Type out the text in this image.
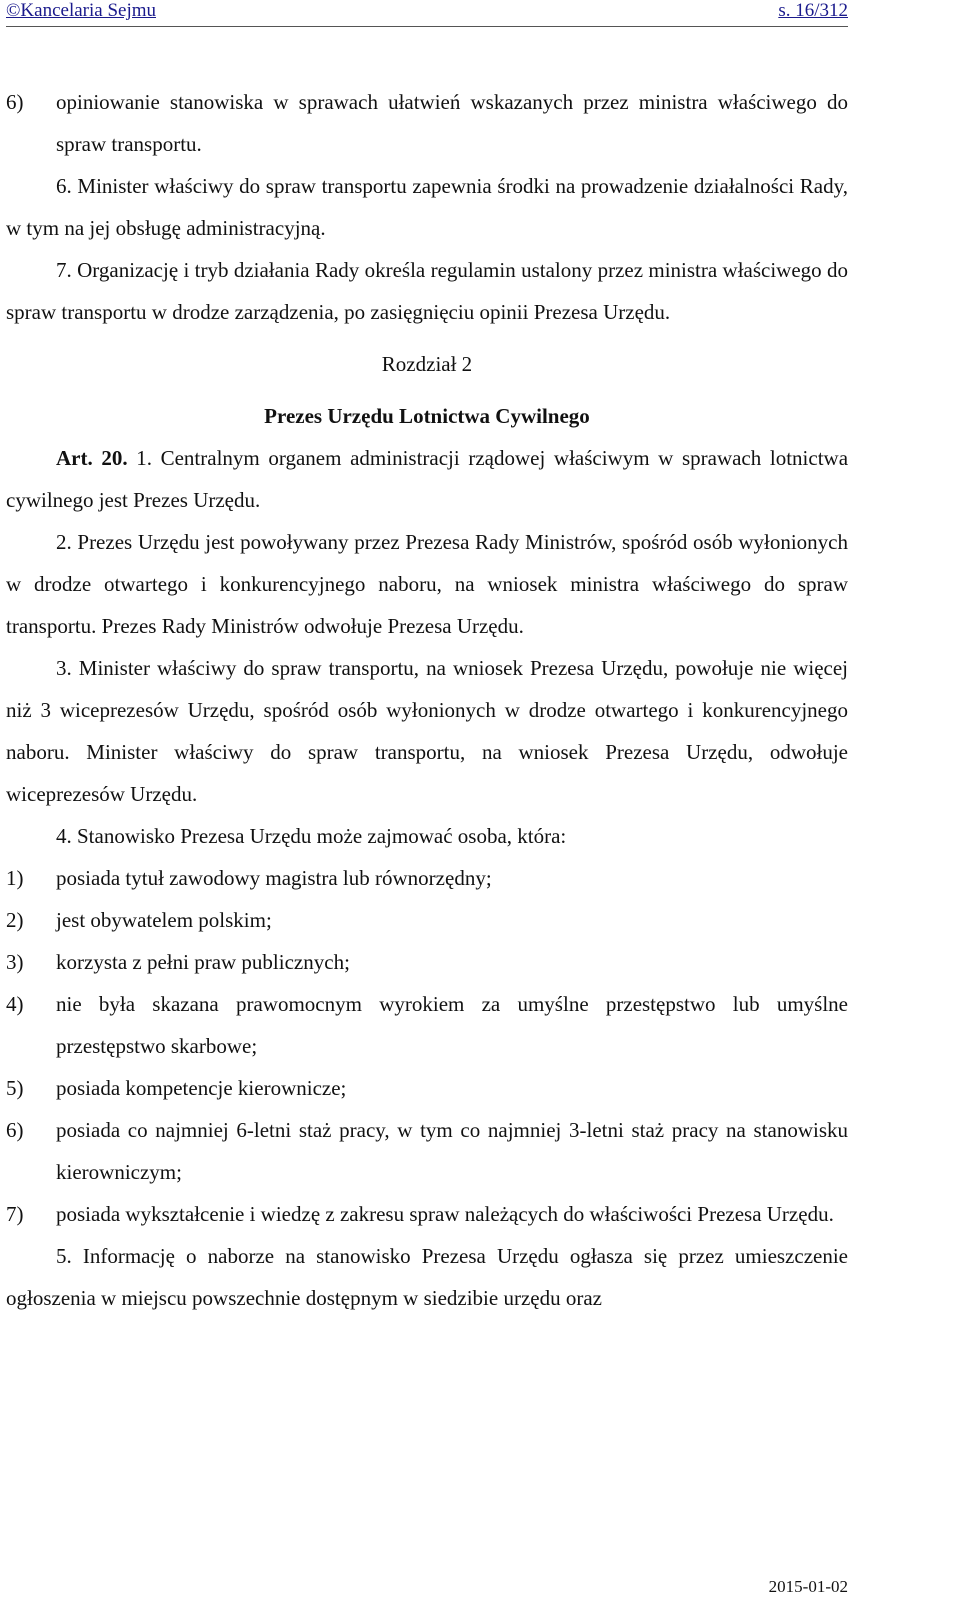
©Kancelaria Sejmu	s. 16/312

6) opiniowanie stanowiska w sprawach ułatwień wskazanych przez ministra właściwego do spraw transportu.

6. Minister właściwy do spraw transportu zapewnia środki na prowadzenie działalności Rady, w tym na jej obsługę administracyjną.

7. Organizację i tryb działania Rady określa regulamin ustalony przez ministra właściwego do spraw transportu w drodze zarządzenia, po zasięgnięciu opinii Prezesa Urzędu.

Rozdział 2

Prezes Urzędu Lotnictwa Cywilnego

Art. 20. 1. Centralnym organem administracji rządowej właściwym w sprawach lotnictwa cywilnego jest Prezes Urzędu.

2. Prezes Urzędu jest powoływany przez Prezesa Rady Ministrów, spośród osób wyłonionych w drodze otwartego i konkurencyjnego naboru, na wniosek ministra właściwego do spraw transportu. Prezes Rady Ministrów odwołuje Prezesa Urzędu.

3. Minister właściwy do spraw transportu, na wniosek Prezesa Urzędu, powołuje nie więcej niż 3 wiceprezesów Urzędu, spośród osób wyłonionych w drodze otwartego i konkurencyjnego naboru. Minister właściwy do spraw transportu, na wniosek Prezesa Urzędu, odwołuje wiceprezesów Urzędu.

4. Stanowisko Prezesa Urzędu może zajmować osoba, która:

1) posiada tytuł zawodowy magistra lub równorzędny;

2) jest obywatelem polskim;

3) korzysta z pełni praw publicznych;

4) nie była skazana prawomocnym wyrokiem za umyślne przestępstwo lub umyślne przestępstwo skarbowe;

5) posiada kompetencje kierownicze;

6) posiada co najmniej 6-letni staż pracy, w tym co najmniej 3-letni staż pracy na stanowisku kierowniczym;

7) posiada wykształcenie i wiedzę z zakresu spraw należących do właściwości Prezesa Urzędu.

5. Informację o naborze na stanowisko Prezesa Urzędu ogłasza się przez umieszczenie ogłoszenia w miejscu powszechnie dostępnym w siedzibie urzędu oraz

2015-01-02
